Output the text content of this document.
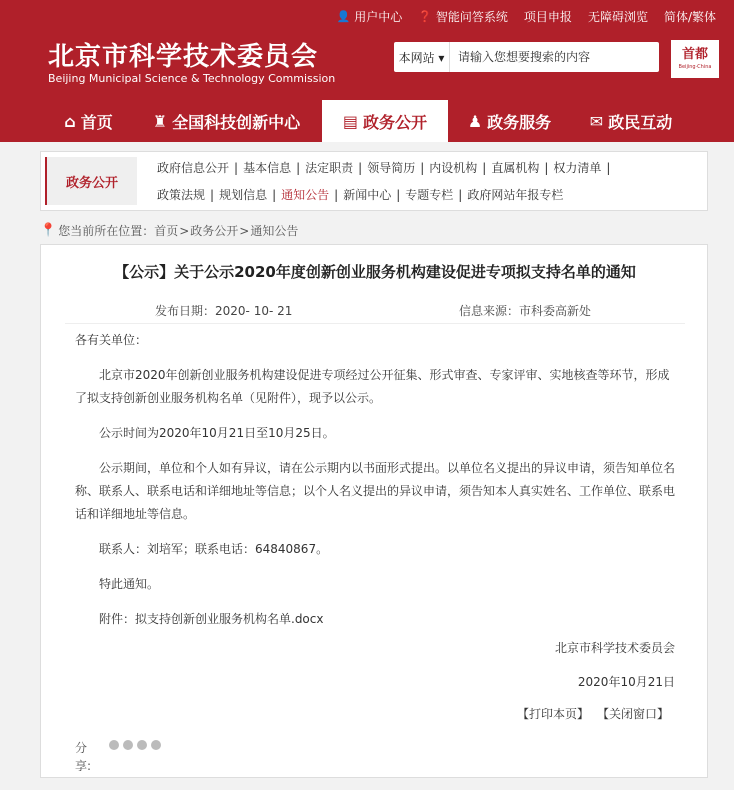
👤 用户中心 ❓ 智能问答系统 项目申报 无障碍浏览 简体/繁体
北京市科学技术委员会
Beijing Municipal Science & Technology Commission
本网站 ▾
请输入您想要搜索的内容	首都
Beijing·China
⌂ 首页	♜ 全国科技创新中心	▤ 政务公开	♟ 政务服务 ✉ 政民互动
政务公开
政府信息公开 | 基本信息 | 法定职责 | 领导简历 | 内设机构 | 直属机构 | 权力清单 |
政策法规 | 规划信息 | 通知公告 | 新闻中心 | 专题专栏 | 政府网站年报专栏
📍 您当前所在位置： 首页 > 政务公开 > 通知公告
【公示】关于公示2020年度创新创业服务机构建设促进专项拟支持名单的通知
发布日期：2020- 10- 21	信息来源：市科委高新处
各有关单位：

北京市2020年创新创业服务机构建设促进专项经过公开征集、形式审查、专家评审、实地核查等环节，形成了拟支持创新创业服务机构名单（见附件），现予以公示。

公示时间为2020年10月21日至10月25日。

公示期间，单位和个人如有异议，请在公示期内以书面形式提出。以单位名义提出的异议申请，须告知单位名称、联系人、联系电话和详细地址等信息；以个人名义提出的异议申请，须告知本人真实姓名、工作单位、联系电话和详细地址等信息。

联系人：刘培军；联系电话：64840867。

特此通知。

附件：拟支持创新创业服务机构名单.docx

北京市科学技术委员会
2020年10月21日
【打印本页】 【关闭窗口】
分享:
